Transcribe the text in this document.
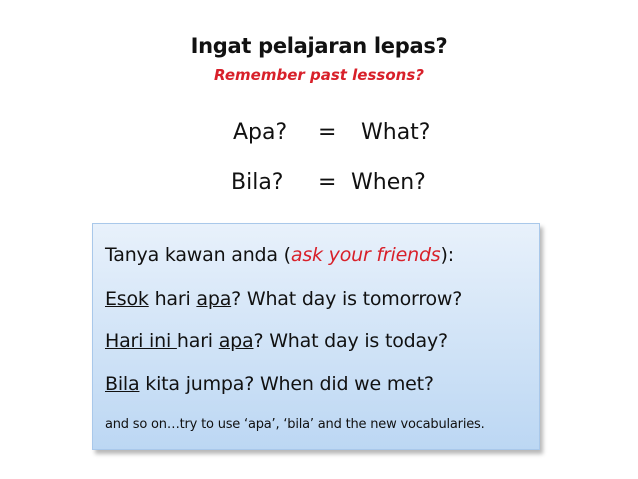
Ingat pelajaran lepas?
Remember past lessons?
Apa? = What?
Bila? = When?
Tanya kawan anda (ask your friends):
Esok hari apa? What day is tomorrow?
Hari ini hari apa? What day is today?
Bila kita jumpa? When did we met?
and so on…try to use ‘apa’, ‘bila’ and the new vocabularies.
